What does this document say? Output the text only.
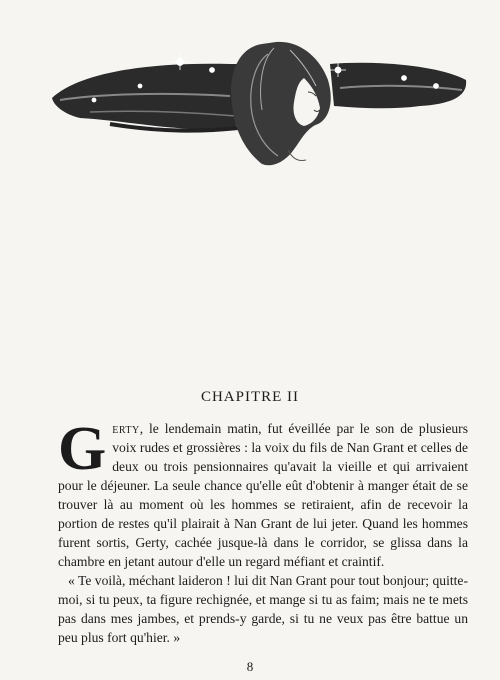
CHAPITRE II

Gerty, le lendemain matin, fut éveillée par le son de plusieurs voix rudes et grossières : la voix du fils de Nan Grant et celles de deux ou trois pensionnaires qu'avait la vieille et qui arrivaient pour le déjeuner. La seule chance qu'elle eût d'obtenir à manger était de se trouver là au moment où les hommes se retiraient, afin de recevoir la portion de restes qu'il plairait à Nan Grant de lui jeter. Quand les hommes furent sortis, Gerty, cachée jusque-là dans le corridor, se glissa dans la chambre en jetant autour d'elle un regard méfiant et craintif.

« Te voilà, méchant laideron ! lui dit Nan Grant pour tout bonjour; quitte-moi, si tu peux, ta figure rechignée, et mange si tu as faim; mais ne te mets pas dans mes jambes, et prends-y garde, si tu ne veux pas être battue un peu plus fort qu'hier. »

8
